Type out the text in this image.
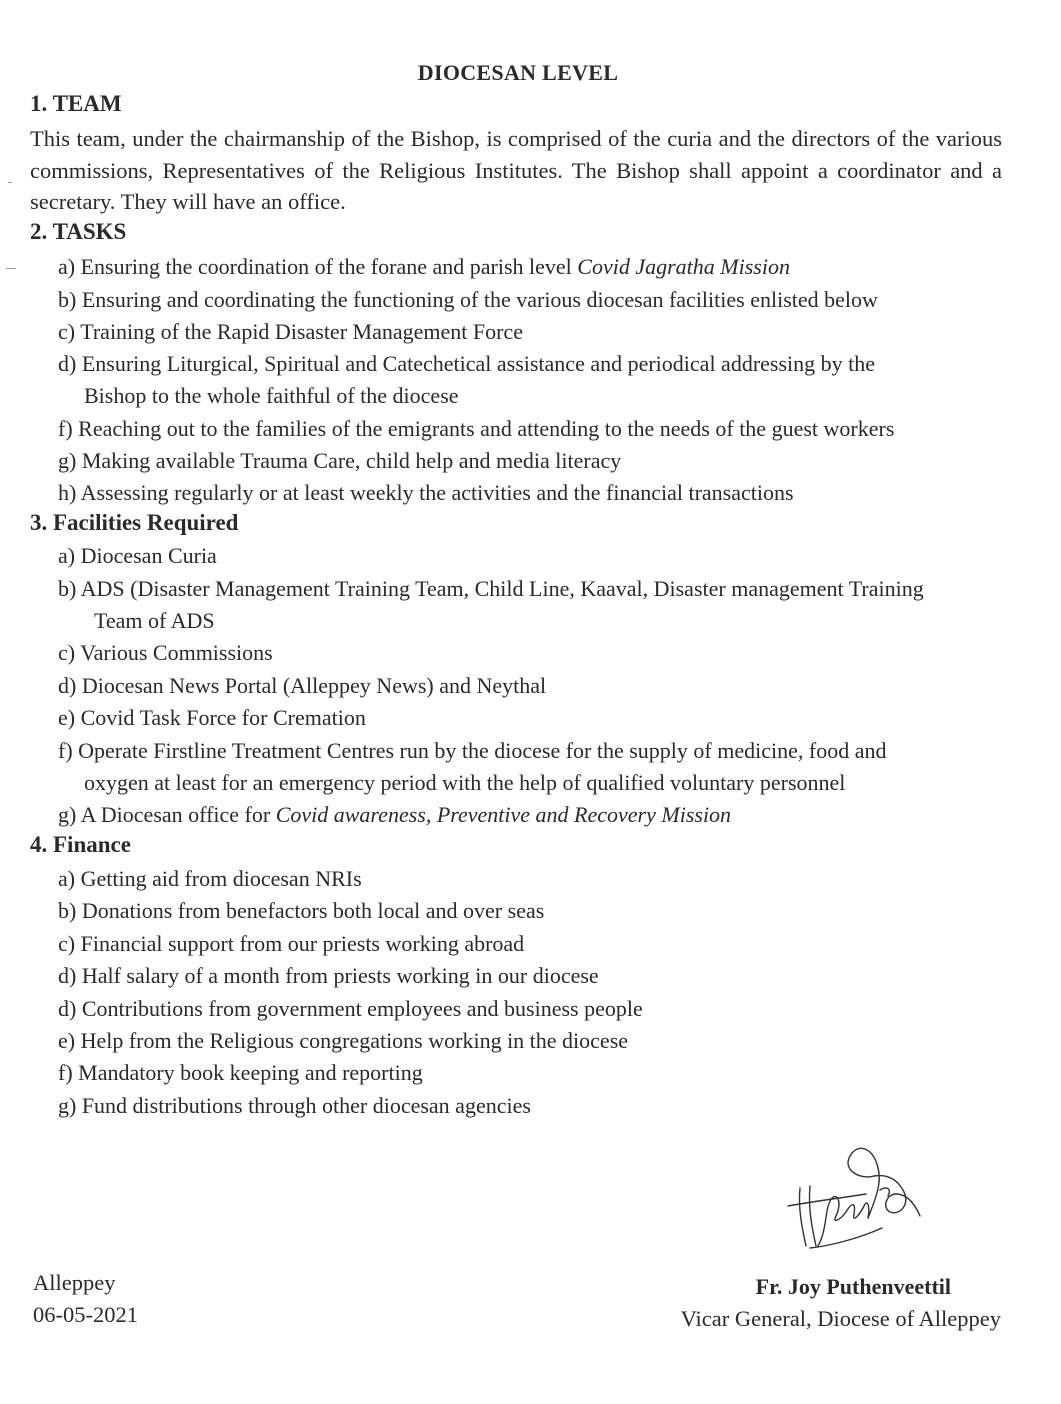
DIOCESAN LEVEL
1. TEAM
This team, under the chairmanship of the Bishop, is comprised of the curia and the directors of the various commissions, Representatives of the Religious Institutes. The Bishop shall appoint a coordinator and a secretary. They will have an office.
2. TASKS
a) Ensuring the coordination of the forane and parish level Covid Jagratha Mission
b) Ensuring and coordinating the functioning of the various diocesan facilities enlisted below
c) Training of the Rapid Disaster Management Force
d) Ensuring Liturgical, Spiritual and Catechetical assistance and periodical addressing by the
Bishop to the whole faithful of the diocese
f) Reaching out to the families of the emigrants and attending to the needs of the guest workers
g) Making available Trauma Care, child help and media literacy
h) Assessing regularly or at least weekly the activities and the financial transactions
3. Facilities Required
a) Diocesan Curia
b) ADS (Disaster Management Training Team, Child Line, Kaaval, Disaster management Training
Team of ADS
c) Various Commissions
d) Diocesan News Portal (Alleppey News) and Neythal
e) Covid Task Force for Cremation
f) Operate Firstline Treatment Centres run by the diocese for the supply of medicine, food and
oxygen at least for an emergency period with the help of qualified voluntary personnel
g) A Diocesan office for Covid awareness, Preventive and Recovery Mission
4. Finance
a) Getting aid from diocesan NRIs
b) Donations from benefactors both local and over seas
c) Financial support from our priests working abroad
d) Half salary of a month from priests working in our diocese
d) Contributions from government employees and business people
e) Help from the Religious congregations working in the diocese
f) Mandatory book keeping and reporting
g) Fund distributions through other diocesan agencies
Alleppey
06-05-2021
Fr. Joy Puthenveettil
Vicar General, Diocese of Alleppey
